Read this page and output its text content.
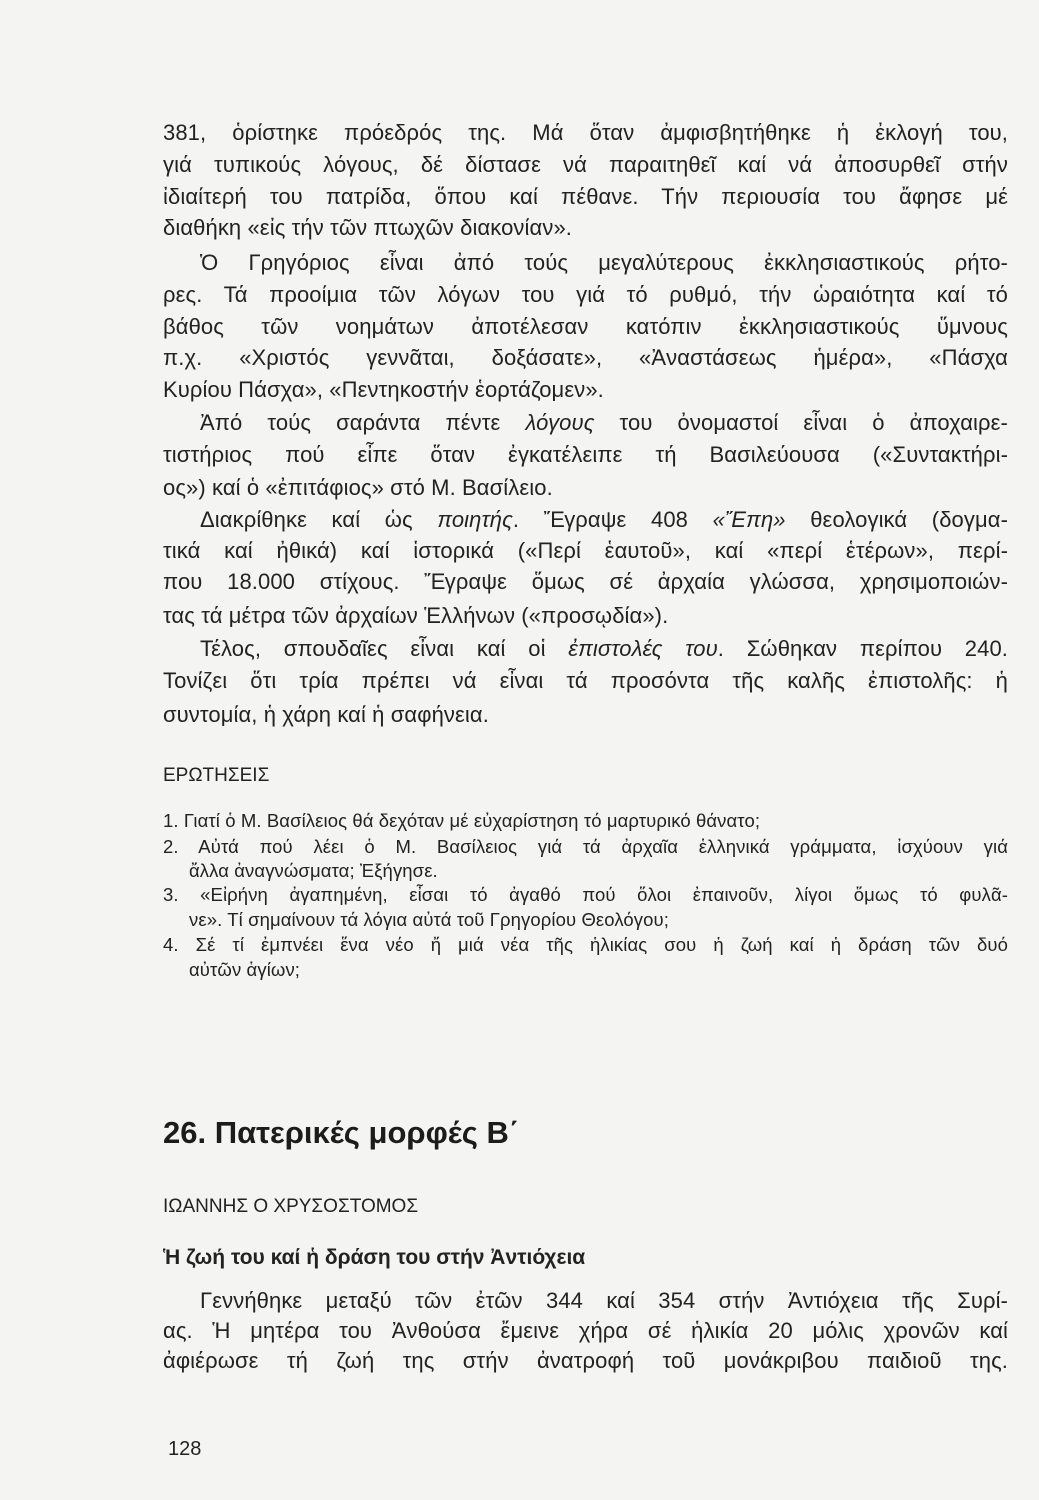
381, ὁρίστηκε πρόεδρός της. Μά ὅταν ἀμφισβητήθηκε ἡ ἐκλογή του,
γιά τυπικούς λόγους, δέ δίστασε νά παραιτηθεῖ καί νά ἀποσυρθεῖ στήν
ἰδιαίτερή του πατρίδα, ὅπου καί πέθανε. Τήν περιουσία του ἄφησε μέ
διαθήκη «εἰς τήν τῶν πτωχῶν διακονίαν».
Ὁ Γρηγόριος εἶναι ἀπό τούς μεγαλύτερους ἐκκλησιαστικούς ρήτο-
ρες. Τά προοίμια τῶν λόγων του γιά τό ρυθμό, τήν ὡραιότητα καί τό
βάθος τῶν νοημάτων ἀποτέλεσαν κατόπιν ἐκκλησιαστικούς ὕμνους
π.χ. «Χριστός γεννᾶται, δοξάσατε», «Ἀναστάσεως ἡμέρα», «Πάσχα
Κυρίου Πάσχα», «Πεντηκοστήν ἑορτάζομεν».
Ἀπό τούς σαράντα πέντε λόγους του ὀνομαστοί εἶναι ὁ ἀποχαιρε-
τιστήριος πού εἶπε ὅταν ἐγκατέλειπε τή Βασιλεύουσα («Συντακτήρι-
ος») καί ὁ «ἐπιτάφιος» στό Μ. Βασίλειο.
Διακρίθηκε καί ὡς ποιητής. Ἔγραψε 408 «Ἔπη» θεολογικά (δογμα-
τικά καί ἠθικά) καί ἱστορικά («Περί ἑαυτοῦ», καί «περί ἑτέρων», περί-
που 18.000 στίχους. Ἔγραψε ὅμως σέ ἀρχαία γλώσσα, χρησιμοποιών-
τας τά μέτρα τῶν ἀρχαίων Ἑλλήνων («προσῳδία»).
Τέλος, σπουδαῖες εἶναι καί οἱ ἐπιστολές του. Σώθηκαν περίπου 240.
Τονίζει ὅτι τρία πρέπει νά εἶναι τά προσόντα τῆς καλῆς ἐπιστολῆς: ἡ
συντομία, ἡ χάρη καί ἡ σαφήνεια.
ΕΡΩΤΗΣΕΙΣ
1. Γιατί ὁ Μ. Βασίλειος θά δεχόταν μέ εὐχαρίστηση τό μαρτυρικό θάνατο;
2. Αὐτά πού λέει ὁ Μ. Βασίλειος γιά τά ἀρχαῖα ἑλληνικά γράμματα, ἰσχύουν γιά
ἄλλα ἀναγνώσματα; Ἐξήγησε.
3. «Εἰρήνη ἀγαπημένη, εἶσαι τό ἀγαθό πού ὅλοι ἐπαινοῦν, λίγοι ὅμως τό φυλᾶ-
νε». Τί σημαίνουν τά λόγια αὐτά τοῦ Γρηγορίου Θεολόγου;
4. Σέ τί ἐμπνέει ἕνα νέο ἤ μιά νέα τῆς ἡλικίας σου ἡ ζωή καί ἡ δράση τῶν δυό
αὐτῶν ἁγίων;
26. Πατερικές μορφές Β΄
ΙΩΑΝΝΗΣ Ο ΧΡΥΣΟΣΤΟΜΟΣ
Ἡ ζωή του καί ἡ δράση του στήν Ἀντιόχεια
Γεννήθηκε μεταξύ τῶν ἐτῶν 344 καί 354 στήν Ἀντιόχεια τῆς Συρί-
ας. Ἡ μητέρα του Ἀνθούσα ἔμεινε χήρα σέ ἡλικία 20 μόλις χρονῶν καί
ἀφιέρωσε τή ζωή της στήν ἀνατροφή τοῦ μονάκριβου παιδιοῦ της.
128
